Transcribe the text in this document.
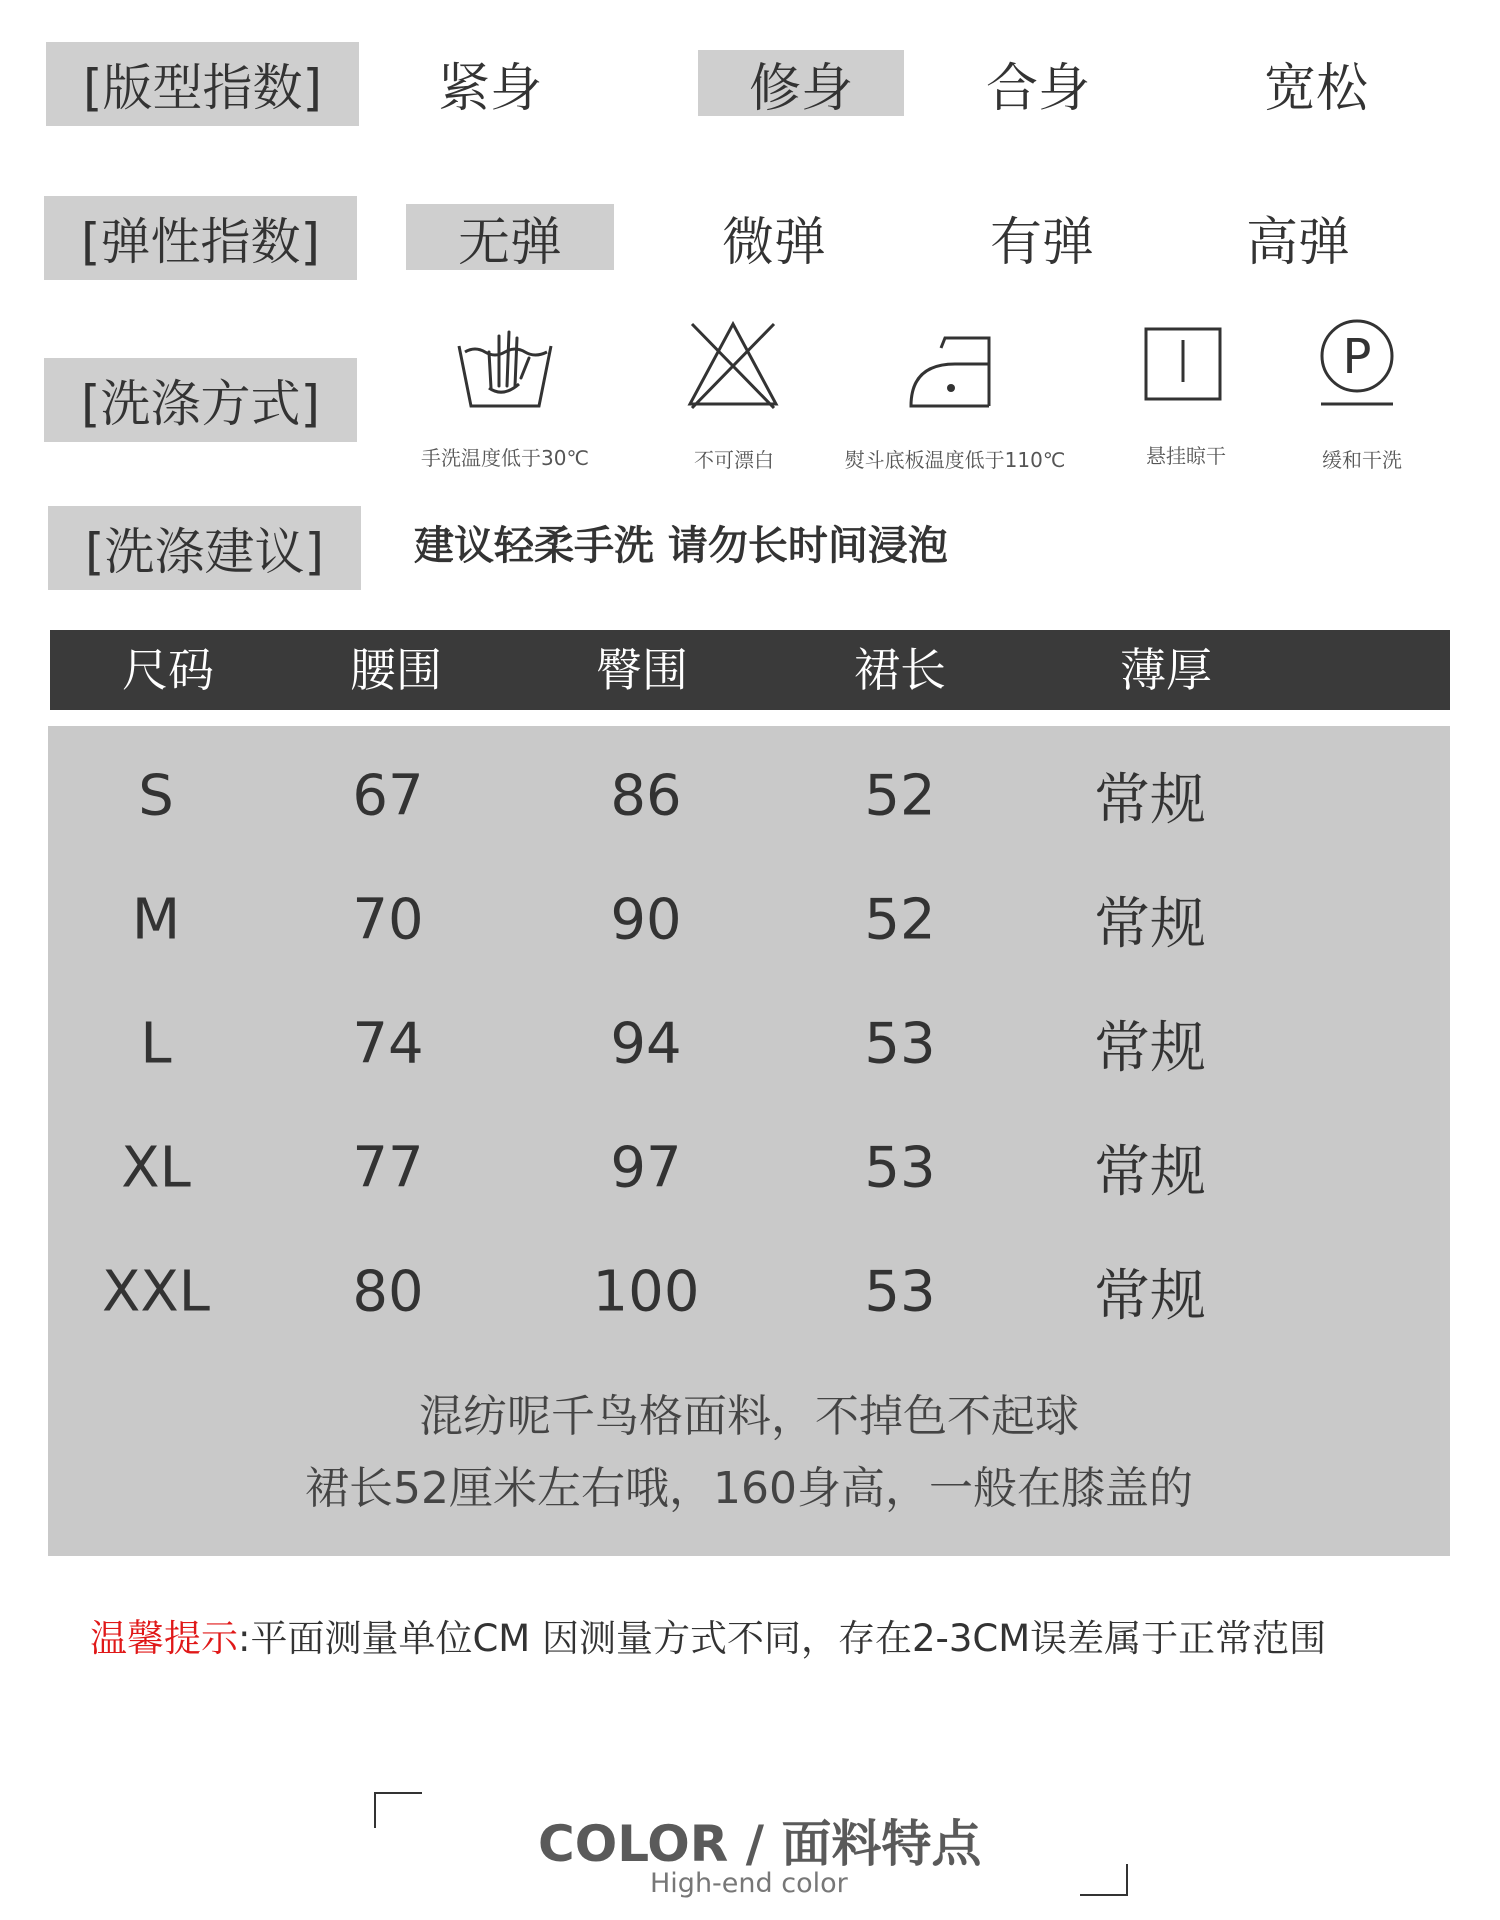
[版型指数]	紧身	修身	合身	宽松
[弹性指数]	无弹	微弹	有弹	高弹
[洗涤方式]
手洗温度低于30℃	不可漂白	熨斗底板温度低于110℃	悬挂晾干
P
缓和干洗
[洗涤建议]	建议轻柔手洗 请勿长时间浸泡
尺码	腰围	臀围	裙长	薄厚
S	67	86	52	常规
M	70	90	52	常规
L	74	94	53	常规
XL	77	97	53	常规
XXL	80	100	53	常规
混纺呢千鸟格面料，不掉色不起球
裙长52厘米左右哦，160身高，一般在膝盖的
温馨提示:平面测量单位CM 因测量方式不同，存在2-3CM误差属于正常范围
COLOR / 面料特点
High-end color
